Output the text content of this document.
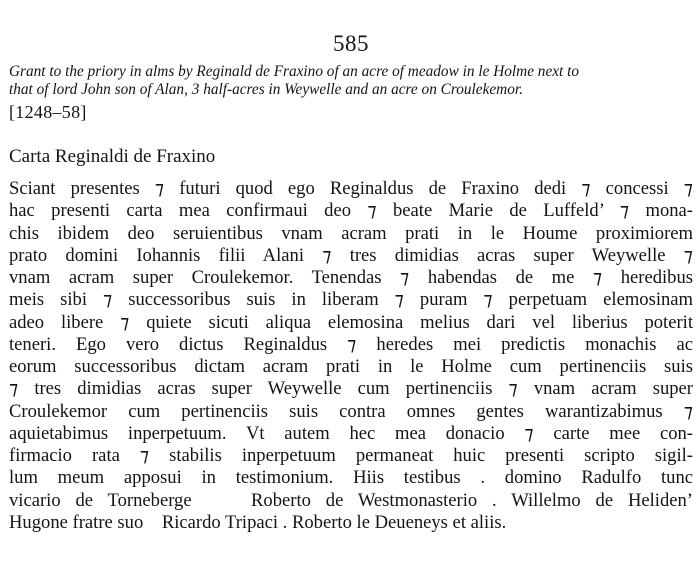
585
Grant to the priory in alms by Reginald de Fraxino of an acre of meadow in le Holme next to
that of lord John son of Alan, 3 half-acres in Weywelle and an acre on Croulekemor.
[1248–58]
Carta Reginaldi de Fraxino
Sciant presentes ⁊ futuri quod ego Reginaldus de Fraxino dedi ⁊ concessi ⁊
hac presenti carta mea confirmaui deo ⁊ beate Marie de Luffeld’ ⁊ mona-
chis ibidem deo seruientibus vnam acram prati in le Houme proximiorem
prato domini Iohannis filii Alani ⁊ tres dimidias acras super Weywelle ⁊
vnam acram super Croulekemor. Tenendas ⁊ habendas de me ⁊ heredibus
meis sibi ⁊ successoribus suis in liberam ⁊ puram ⁊ perpetuam elemosinam
adeo libere ⁊ quiete sicuti aliqua elemosina melius dari vel liberius poterit
teneri. Ego vero dictus Reginaldus ⁊ heredes mei predictis monachis ac
eorum successoribus dictam acram prati in le Holme cum pertinenciis suis
⁊ tres dimidias acras super Weywelle cum pertinenciis ⁊ vnam acram super
Croulekemor cum pertinenciis suis contra omnes gentes warantizabimus ⁊
aquietabimus inperpetuum. Vt autem hec mea donacio ⁊ carte mee con-
firmacio rata ⁊ stabilis inperpetuum permaneat huic presenti scripto sigil-
lum meum apposui in testimonium. Hiis testibus . domino Radulfo tunc
vicario de Torneberge    Roberto de Westmonasterio . Willelmo de Heliden’
Hugone fratre suo    Ricardo Tripaci . Roberto le Deueneys et aliis.
